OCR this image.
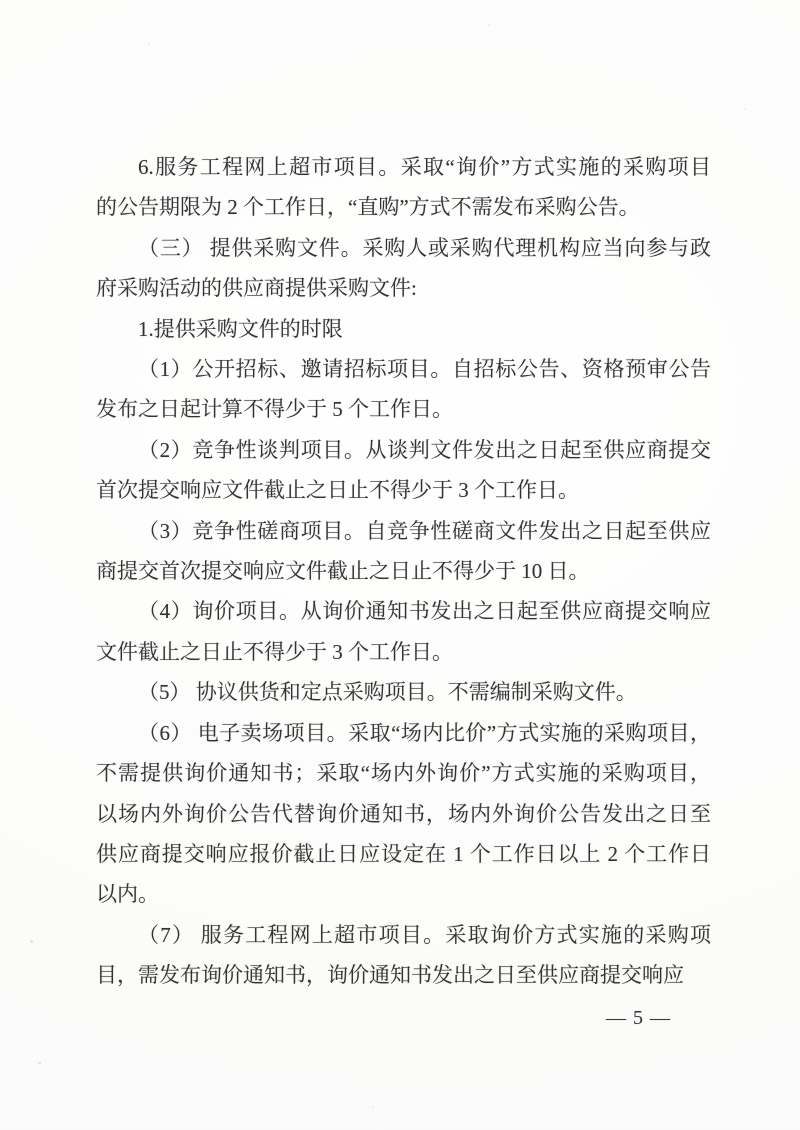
6.服务工程网上超市项目。采取“询价”方式实施的采购项目
的公告期限为 2 个工作日，“直购”方式不需发布采购公告。

（三） 提供采购文件。采购人或采购代理机构应当向参与政
府采购活动的供应商提供采购文件:

1.提供采购文件的时限

（1）公开招标、邀请招标项目。自招标公告、资格预审公告
发布之日起计算不得少于 5 个工作日。

（2）竞争性谈判项目。从谈判文件发出之日起至供应商提交
首次提交响应文件截止之日止不得少于 3 个工作日。

（3）竞争性磋商项目。自竞争性磋商文件发出之日起至供应
商提交首次提交响应文件截止之日止不得少于 10 日。

（4）询价项目。从询价通知书发出之日起至供应商提交响应
文件截止之日止不得少于 3 个工作日。

（5） 协议供货和定点采购项目。不需编制采购文件。

（6） 电子卖场项目。采取“场内比价”方式实施的采购项目，
不需提供询价通知书；采取“场内外询价”方式实施的采购项目，
以场内外询价公告代替询价通知书，场内外询价公告发出之日至
供应商提交响应报价截止日应设定在 1 个工作日以上 2 个工作日
以内。

（7） 服务工程网上超市项目。采取询价方式实施的采购项
目，需发布询价通知书，询价通知书发出之日至供应商提交响应

— 5 —
